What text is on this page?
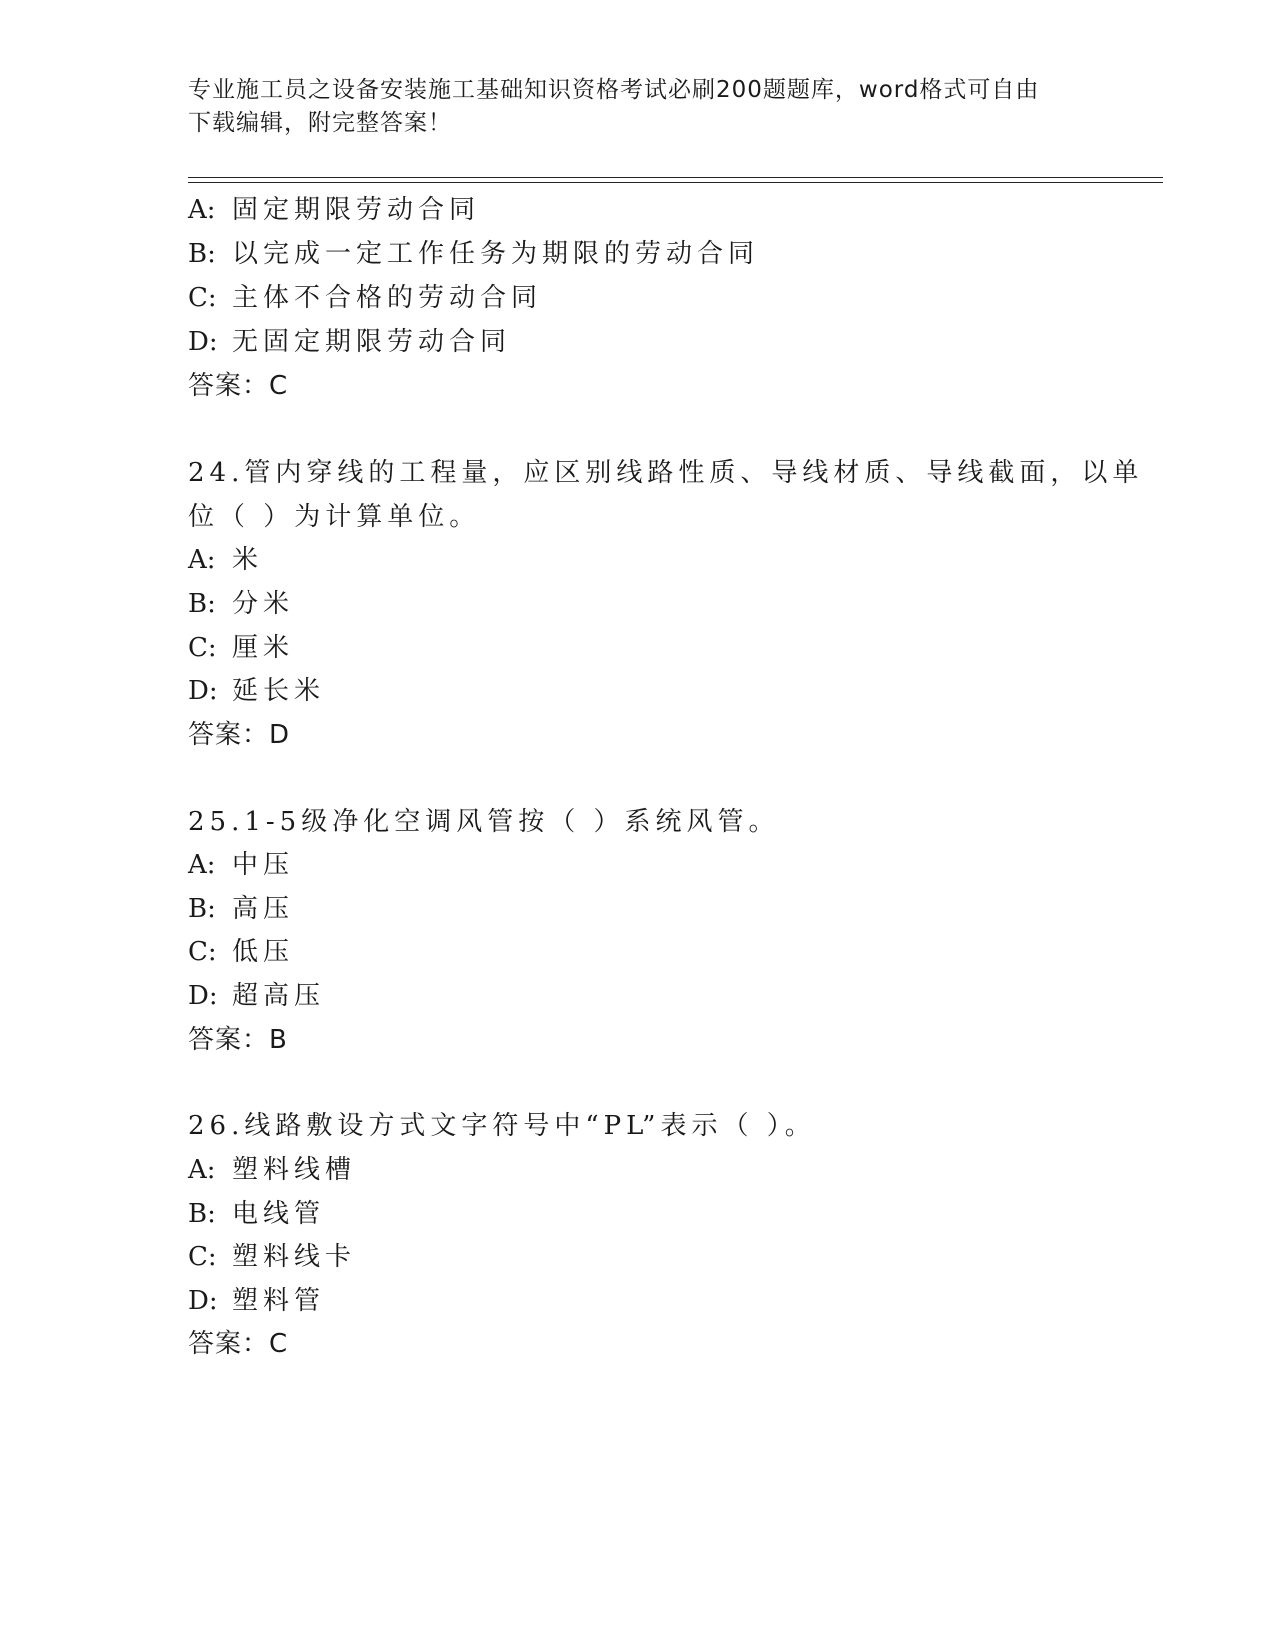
专业施工员之设备安装施工基础知识资格考试必刷200题题库，word格式可自由
下载编辑，附完整答案！
A: 固定期限劳动合同
B: 以完成一定工作任务为期限的劳动合同
C: 主体不合格的劳动合同
D: 无固定期限劳动合同
答案：C
24.管内穿线的工程量，应区别线路性质、导线材质、导线截面，以单
位（ ）为计算单位。
A: 米
B: 分米
C: 厘米
D: 延长米
答案：D
25.1-5级净化空调风管按（ ）系统风管。
A: 中压
B: 高压
C: 低压
D: 超高压
答案：B
26.线路敷设方式文字符号中“PL”表示（ ）。
A: 塑料线槽
B: 电线管
C: 塑料线卡
D: 塑料管
答案：C
